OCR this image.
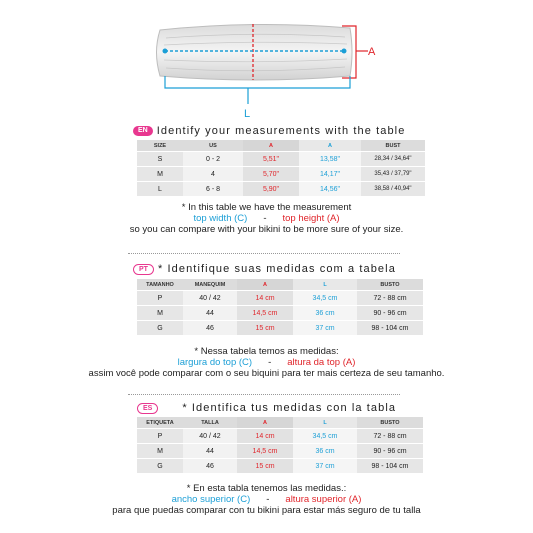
A
L
EN Identify your measurements with the table
SIZE	US	A	A	BUST
S	0 - 2	5,51"	13,58"	28,34 / 34,64"
M	4	5,70"	14,17"	35,43 / 37,79"
L	6 - 8	5,90"	14,56"	38,58 / 40,94"
* In this table we have the measurement
top width (C) - top height (A)
so you can compare with your bikini to be more sure of your size.
PT * Identifique suas medidas com a tabela
TAMANHO	MANEQUIM	A	L	BUSTO
P	40 / 42	14 cm	34,5 cm	72 - 88 cm
M	44	14,5 cm	36 cm	90 - 96 cm
G	46	15 cm	37 cm	98 - 104 cm
* Nessa tabela temos as medidas:
largura do top (C) - altura da top (A)
assim você pode comparar com o seu biquini para ter mais certeza de seu tamanho.
ES	* Identifica tus medidas con la tabla
ETIQUETA	TALLA	A	L	BUSTO
P	40 / 42	14 cm	34,5 cm	72 - 88 cm
M	44	14,5 cm	36 cm	90 - 96 cm
G	46	15 cm	37 cm	98 - 104 cm
* En esta tabla tenemos las medidas.:
ancho superior (C) - altura superior (A)
para que puedas comparar con tu bikini para estar más seguro de tu talla
